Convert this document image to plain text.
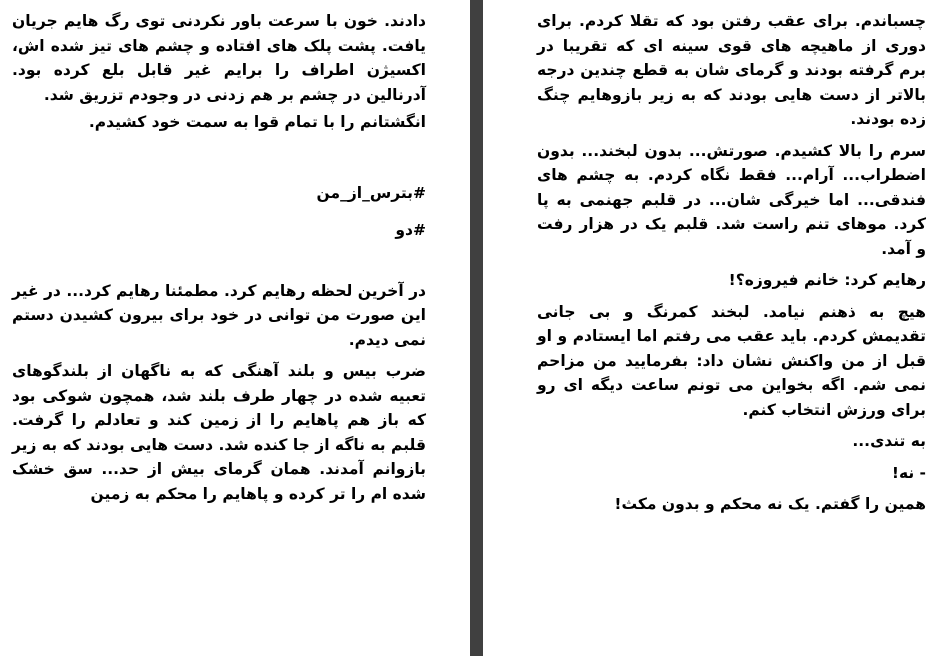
دادند. خون با سرعت باور نکردنی توی رگ هایم جریان یافت. پشت پلک های افتاده و چشم های تیز شده اش، اکسیژن اطراف را برایم غیر قابل بلع کرده بود. آدرنالین در چشم بر هم زدنی در وجودم تزریق شد.

انگشتانم را با تمام قوا به سمت خود کشیدم.

#بترس_از_من

#دو

در آخرین لحظه رهایم کرد. مطمئنا رهایم کرد... در غیر این صورت من توانی در خود برای بیرون کشیدن دستم نمی دیدم.

ضرب بیس و بلند آهنگی که به ناگهان از بلندگوهای تعبیه شده در چهار طرف بلند شد، همچون شوکی بود که باز هم پاهایم را از زمین کند و تعادلم را گرفت. قلبم به ناگه از جا کنده شد. دست هایی بودند که به زیر بازوانم آمدند. همان گرمای بیش از حد... سق خشک شده ام را تر کرده و پاهایم را محکم به زمین

چسباندم. برای عقب رفتن بود که تقلا کردم. برای دوری از ماهیچه های قوی سینه ای که تقریبا در برم گرفته بودند و گرمای شان به قطع چندین درجه بالاتر از دست هایی بودند که به زیر بازوهایم چنگ زده بودند.

سرم را بالا کشیدم. صورتش... بدون لبخند... بدون اضطراب... آرام... فقط نگاه کردم. به چشم های فندقی... اما خیرگی شان... در قلبم جهنمی به پا کرد. موهای تنم راست شد. قلبم یک در هزار رفت و آمد.

رهایم کرد: خانم فیروزه؟!

هیچ به ذهنم نیامد. لبخند کمرنگ و بی جانی تقدیمش کردم. باید عقب می رفتم اما ایستادم و او قبل از من واکنش نشان داد: بفرمایید من مزاحم نمی شم. اگه بخواین می تونم ساعت دیگه ای رو برای ورزش انتخاب کنم.

به تندی...

- نه!

همین را گفتم. یک نه محکم و بدون مکث!
